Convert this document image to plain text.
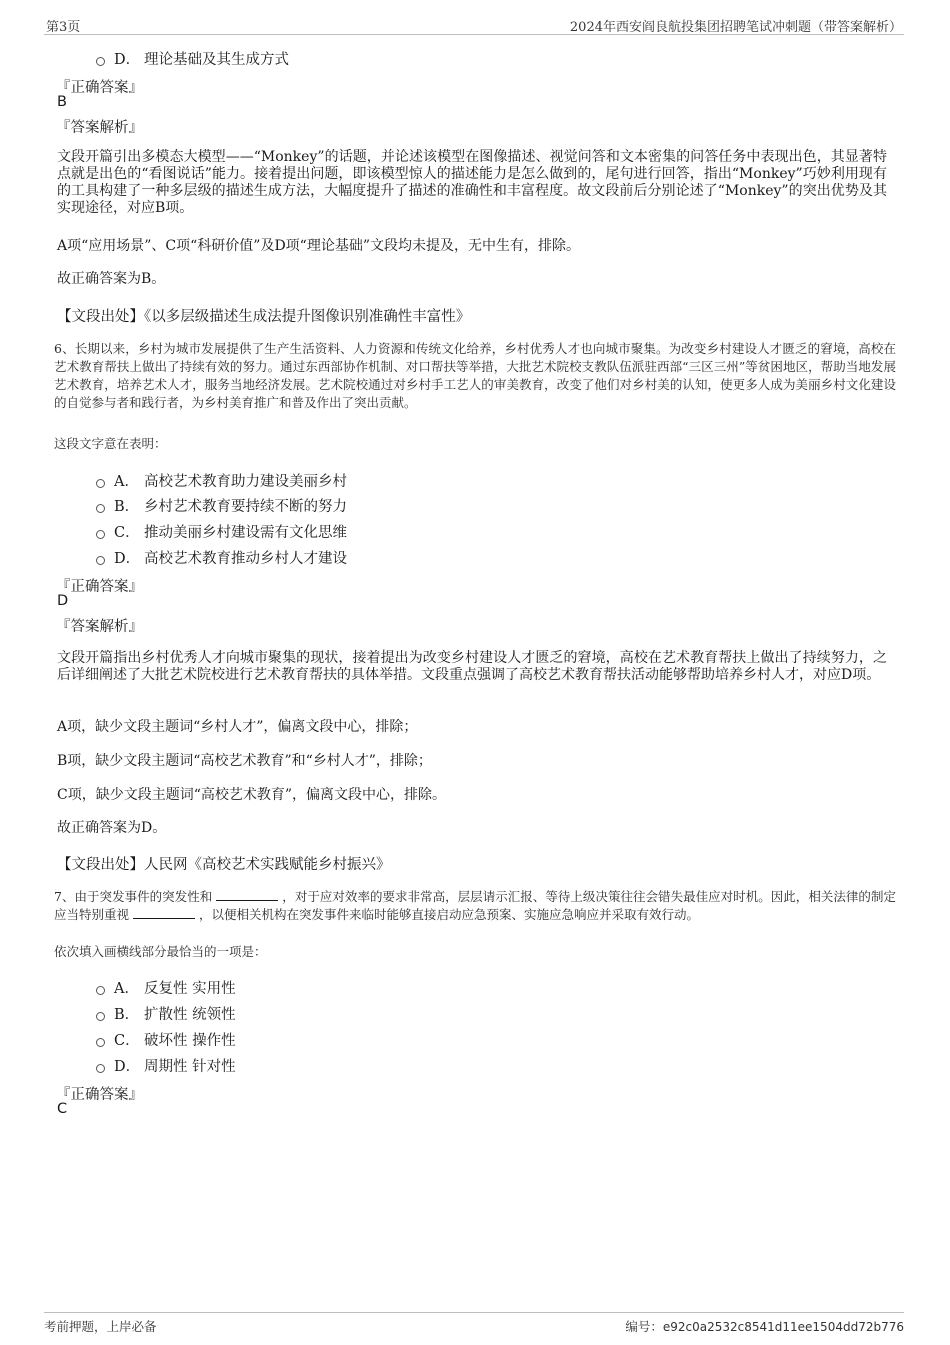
第3页	2024年西安阎良航投集团招聘笔试冲刺题（带答案解析）
D． 理论基础及其生成方式
『正确答案』
B
『答案解析』
文段开篇引出多模态大模型——“Monkey”的话题，并论述该模型在图像描述、视觉问答和文本密集的问答任务中表现出色，其显著特点就是出色的“看图说话”能力。接着提出问题，即该模型惊人的描述能力是怎么做到的，尾句进行回答，指出“Monkey”巧妙利用现有的工具构建了一种多层级的描述生成方法，大幅度提升了描述的准确性和丰富程度。故文段前后分别论述了“Monkey”的突出优势及其实现途径，对应B项。
A项“应用场景”、C项“科研价值”及D项“理论基础”文段均未提及，无中生有，排除。
故正确答案为B。
【文段出处】《以多层级描述生成法提升图像识别准确性丰富性》
6、长期以来，乡村为城市发展提供了生产生活资料、人力资源和传统文化给养，乡村优秀人才也向城市聚集。为改变乡村建设人才匮乏的窘境，高校在艺术教育帮扶上做出了持续有效的努力。通过东西部协作机制、对口帮扶等举措，大批艺术院校支教队伍派驻西部“三区三州”等贫困地区，帮助当地发展艺术教育，培养艺术人才，服务当地经济发展。艺术院校通过对乡村手工艺人的审美教育，改变了他们对乡村美的认知，使更多人成为美丽乡村文化建设的自觉参与者和践行者，为乡村美育推广和普及作出了突出贡献。
这段文字意在表明：
A． 高校艺术教育助力建设美丽乡村
B． 乡村艺术教育要持续不断的努力
C． 推动美丽乡村建设需有文化思维
D． 高校艺术教育推动乡村人才建设
『正确答案』
D
『答案解析』
文段开篇指出乡村优秀人才向城市聚集的现状，接着提出为改变乡村建设人才匮乏的窘境，高校在艺术教育帮扶上做出了持续努力，之后详细阐述了大批艺术院校进行艺术教育帮扶的具体举措。文段重点强调了高校艺术教育帮扶活动能够帮助培养乡村人才，对应D项。
A项，缺少文段主题词“乡村人才”，偏离文段中心，排除；
B项，缺少文段主题词“高校艺术教育”和“乡村人才”，排除；
C项，缺少文段主题词“高校艺术教育”，偏离文段中心，排除。
故正确答案为D。
【文段出处】人民网《高校艺术实践赋能乡村振兴》
7、由于突发事件的突发性和	，对于应对效率的要求非常高，层层请示汇报、等待上级决策往往会错失最佳应对时机。因此，相关法律的制定应当特别重视	，以便相关机构在突发事件来临时能够直接启动应急预案、实施应急响应并采取有效行动。
依次填入画横线部分最恰当的一项是：
A． 反复性 实用性
B． 扩散性 统领性
C． 破坏性 操作性
D． 周期性 针对性
『正确答案』
C
考前押题，上岸必备	编号：e92c0a2532c8541d11ee1504dd72b776
